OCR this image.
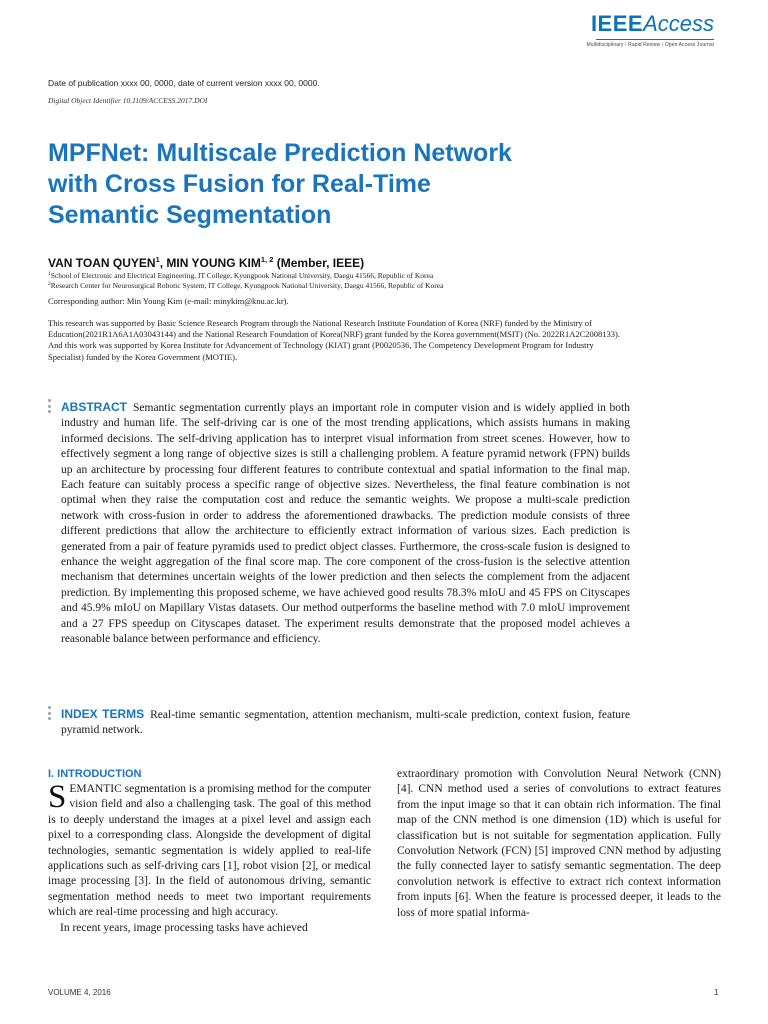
IEEEAccess
Multidisciplinary ⁝ Rapid Review ⁝ Open Access Journal
Date of publication xxxx 00, 0000, date of current version xxxx 00, 0000.
Digital Object Identifier 10.1109/ACCESS.2017.DOI
MPFNet: Multiscale Prediction Network
with Cross Fusion for Real-Time
Semantic Segmentation
VAN TOAN QUYEN$^1$, MIN YOUNG KIM$^{1, 2}$ (Member, IEEE)
$^1$School of Electronic and Electrical Engineering, IT College, Kyungpook National University, Daegu 41566, Republic of Korea
$^2$Research Center for Neurosurgical Robotic System, IT College, Kyungpook National University, Daegu 41566, Republic of Korea
Corresponding author: Min Young Kim (e-mail: minykim@knu.ac.kr).
This research was supported by Basic Science Research Program through the National Research Institute Foundation of Korea (NRF) funded by the Ministry of Education(2021R1A6A1A03043144) and the National Research Foundation of Korea(NRF) grant funded by the Korea government(MSIT) (No. 2022R1A2C2008133). And this work was supported by Korea Institute for Advancement of Technology (KIAT) grant (P0020536, The Competency Development Program for Industry Specialist) funded by the Korea Government (MOTIE).
ABSTRACT Semantic segmentation currently plays an important role in computer vision and is widely applied in both industry and human life. The self-driving car is one of the most trending applications, which assists humans in making informed decisions. The self-driving application has to interpret visual information from street scenes. However, how to effectively segment a long range of objective sizes is still a challenging problem. A feature pyramid network (FPN) builds up an architecture by processing four different features to contribute contextual and spatial information to the final map. Each feature can suitably process a specific range of objective sizes. Nevertheless, the final feature combination is not optimal when they raise the computation cost and reduce the semantic weights. We propose a multi-scale prediction network with cross-fusion in order to address the aforementioned drawbacks. The prediction module consists of three different predictions that allow the architecture to efficiently extract information of various sizes. Each prediction is generated from a pair of feature pyramids used to predict object classes. Furthermore, the cross-scale fusion is designed to enhance the weight aggregation of the final score map. The core component of the cross-fusion is the selective attention mechanism that determines uncertain weights of the lower prediction and then selects the complement from the adjacent prediction. By implementing this proposed scheme, we have achieved good results 78.3% mIoU and 45 FPS on Cityscapes and 45.9% mIoU on Mapillary Vistas datasets. Our method outperforms the baseline method with 7.0 mIoU improvement and a 27 FPS speedup on Cityscapes dataset. The experiment results demonstrate that the proposed model achieves a reasonable balance between performance and efficiency.
INDEX TERMS Real-time semantic segmentation, attention mechanism, multi-scale prediction, context fusion, feature pyramid network.
I. INTRODUCTION

SEMANTIC segmentation is a promising method for the computer vision field and also a challenging task. The goal of this method is to deeply understand the images at a pixel level and assign each pixel to a corresponding class. Alongside the development of digital technologies, semantic segmentation is widely applied to real-life applications such as self-driving cars [1], robot vision [2], or medical image processing [3]. In the field of autonomous driving, semantic segmentation method needs to meet two important requirements which are real-time processing and high accuracy.

In recent years, image processing tasks have achieved

extraordinary promotion with Convolution Neural Network (CNN) [4]. CNN method used a series of convolutions to extract features from the input image so that it can obtain rich information. The final map of the CNN method is one dimension (1D) which is useful for classification but is not suitable for segmentation application. Fully Convolution Network (FCN) [5] improved CNN method by adjusting the fully connected layer to satisfy semantic segmentation. The deep convolution network is effective to extract rich context information from inputs [6]. When the feature is processed deeper, it leads to the loss of more spatial informa-

VOLUME 4, 2016	1
